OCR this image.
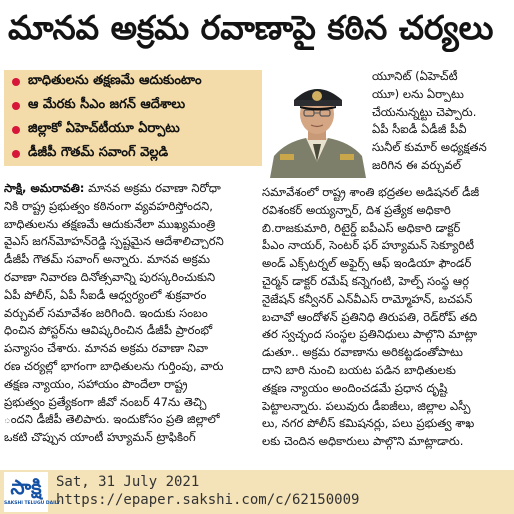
మానవ అక్రమ రవాణాపై కఠిన చర్యలు
బాధితులను తక్షణమే ఆదుకుంటాం
ఆ మేరకు సీఎం జగన్ ఆదేశాలు
జిల్లాకో ఏహెచ్‌టీయూ ఏర్పాటు
డీజీపీ గౌతమ్ సవాంగ్ వెల్లడి

యూనిట్ (ఏహెచ్‌టీ

యూ) లను ఏర్పాటు

చేయనున్నట్టు చెప్పారు.

ఏపీ సీఐడీ ఏడీజీ పీవీ

సునీల్ కుమార్ అధ్యక్షతన

జరిగిన ఈ వర్చువల్

సాక్షి, అమరావతి: మానవ అక్రమ రవాణా నిరోధా

నికి రాష్ట్ర ప్రభుత్వం కఠినంగా వ్యవహరిస్తోందని,

బాధితులను తక్షణమే ఆదుకునేలా ముఖ్యమంత్రి

వైఎస్ జగన్‌మోహన్‌రెడ్డి స్పష్టమైన ఆదేశాలిచ్చారని

డీజీపీ గౌతమ్ సవాంగ్ అన్నారు. మానవ అక్రమ

రవాణా నివారణ దినోత్సవాన్ని పురస్కరించుకుని

ఏపీ పోలీస్, ఏపీ సీఐడీ ఆధ్వర్యంలో శుక్రవారం

వర్చువల్ సమావేశం జరిగింది. ఇందుకు సంబం

ధించిన పోస్టర్‌ను ఆవిష్కరించిన డీజీపీ ప్రారంభో

పన్యాసం చేశారు. మానవ అక్రమ రవాణా నివా

రణ చర్యల్లో భాగంగా బాధితులను గుర్తింపు, వారు

తక్షణ న్యాయం, సహాయం పొందేలా రాష్ట్ర

ప్రభుత్వం ప్రత్యేకంగా జీవో నంబర్ 47ను తెచ్చి

ందని డీజీపీ తెలిపారు. ఇందుకోసం ప్రతి జిల్లాలో

ఒకటి చొప్పున యాంటీ హ్యూమన్ ట్రాఫికింగ్

సమావేశంలో రాష్ట్ర శాంతి భద్రతల అడిషనల్ డీజీ

రవిశంకర్ అయ్యన్నార్, దిశ ప్రత్యేక అధికారి

బి.రాజకుమారి, రిటైర్డ్ ఐపీఎస్ అధికారి డాక్టర్

పీఎం నాయర్, సెంటర్ ఫర్ హ్యూమన్ సెక్యూరిటీ

అండ్ ఎక్స్‌టర్నల్ అఫైర్స్ ఆఫ్ ఇండియా ఫౌండర్

చైర్మన్ డాక్టర్ రమేష్ కన్నెగంటి, హెల్ప్ సంస్థ ఆర్గ

నైజేషన్ కన్వీనర్ ఎన్‌వీఎస్ రామ్మోహన్, బచపన్

బచావో ఆందోళన్ ప్రతినిధి తిరుపతి, రెడ్‌రోప్ తది

తర స్వచ్ఛంద సంస్థల ప్రతినిధులు పాల్గొని మాట్లా

డుతూ.. అక్రమ రవాణాను అరికట్టడంతోపాటు

దాని బారి నుంచి బయట పడిన బాధితులకు

తక్షణ న్యాయం అందించడమే ప్రధాన దృష్టి

పెట్టాలన్నారు. పలువురు డీఐజీలు, జిల్లాల ఎస్పీ

లు, నగర పోలీస్ కమిషనర్లు, పలు ప్రభుత్వ శాఖ

లకు చెందిన అధికారులు పాల్గొని మాట్లాడారు.

సాక్షి
SAKSHI TELUGU DAILY
Sat, 31 July 2021
https://epaper.sakshi.com/c/62150009
